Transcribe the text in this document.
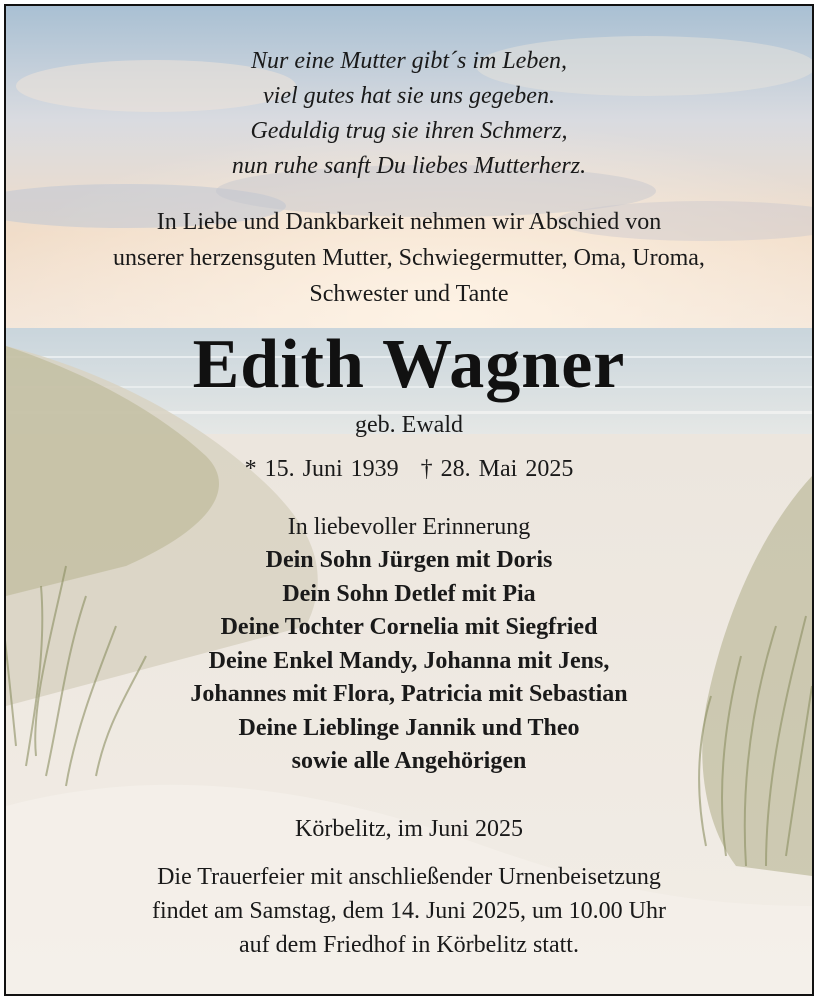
Nur eine Mutter gibt´s im Leben,
viel gutes hat sie uns gegeben.
Geduldig trug sie ihren Schmerz,
nun ruhe sanft Du liebes Mutterherz.
In Liebe und Dankbarkeit nehmen wir Abschied von
unserer herzensguten Mutter, Schwiegermutter, Oma, Uroma,
Schwester und Tante
Edith Wagner
geb. Ewald
* 15. Juni 1939 † 28. Mai 2025
In liebevoller Erinnerung
Dein Sohn Jürgen mit Doris
Dein Sohn Detlef mit Pia
Deine Tochter Cornelia mit Siegfried
Deine Enkel Mandy, Johanna mit Jens,
Johannes mit Flora, Patricia mit Sebastian
Deine Lieblinge Jannik und Theo
sowie alle Angehörigen
Körbelitz, im Juni 2025
Die Trauerfeier mit anschließender Urnenbeisetzung
findet am Samstag, dem 14. Juni 2025, um 10.00 Uhr
auf dem Friedhof in Körbelitz statt.
